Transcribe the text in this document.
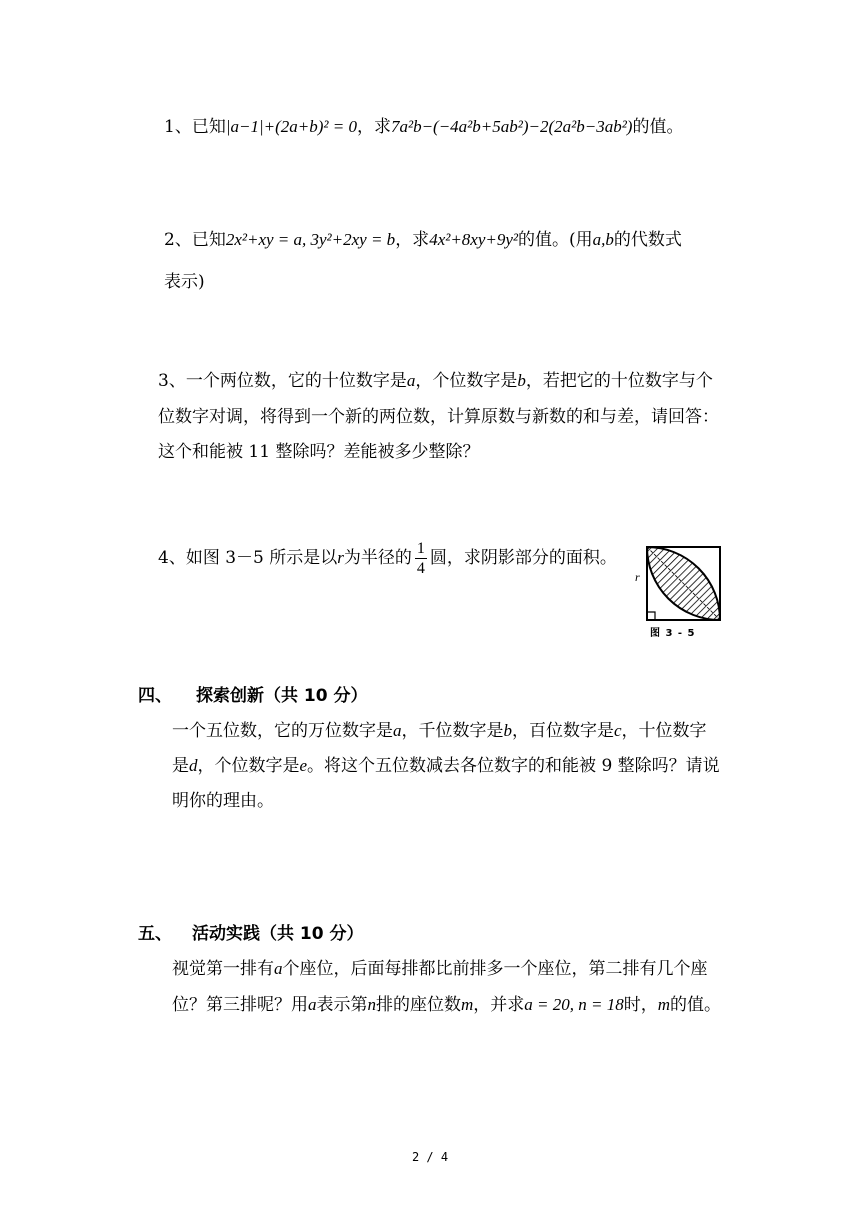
1、已知|a−1|+(2a+b)² = 0，求7a²b−(−4a²b+5ab²)−2(2a²b−3ab²)的值。
2、已知2x²+xy = a, 3y²+2xy = b，求4x²+8xy+9y²的值。(用a,b的代数式
表示)
3、一个两位数，它的十位数字是a，个位数字是b，若把它的十位数字与个
位数字对调，将得到一个新的两位数，计算原数与新数的和与差，请回答：
这个和能被 11 整除吗？差能被多少整除？
4、如图 3－5 所示是以r为半径的 $\frac{1}{4}$ 圆，求阴影部分的面积。
r
图 3 - 5
四、 探索创新（共 10 分）
一个五位数，它的万位数字是a，千位数字是b，百位数字是c，十位数字
是d，个位数字是e。将这个五位数减去各位数字的和能被 9 整除吗？请说
明你的理由。
五、 活动实践（共 10 分）
视觉第一排有a个座位，后面每排都比前排多一个座位，第二排有几个座
位？第三排呢？用a表示第n排的座位数m，并求a = 20, n = 18时，m的值。
2 / 4
